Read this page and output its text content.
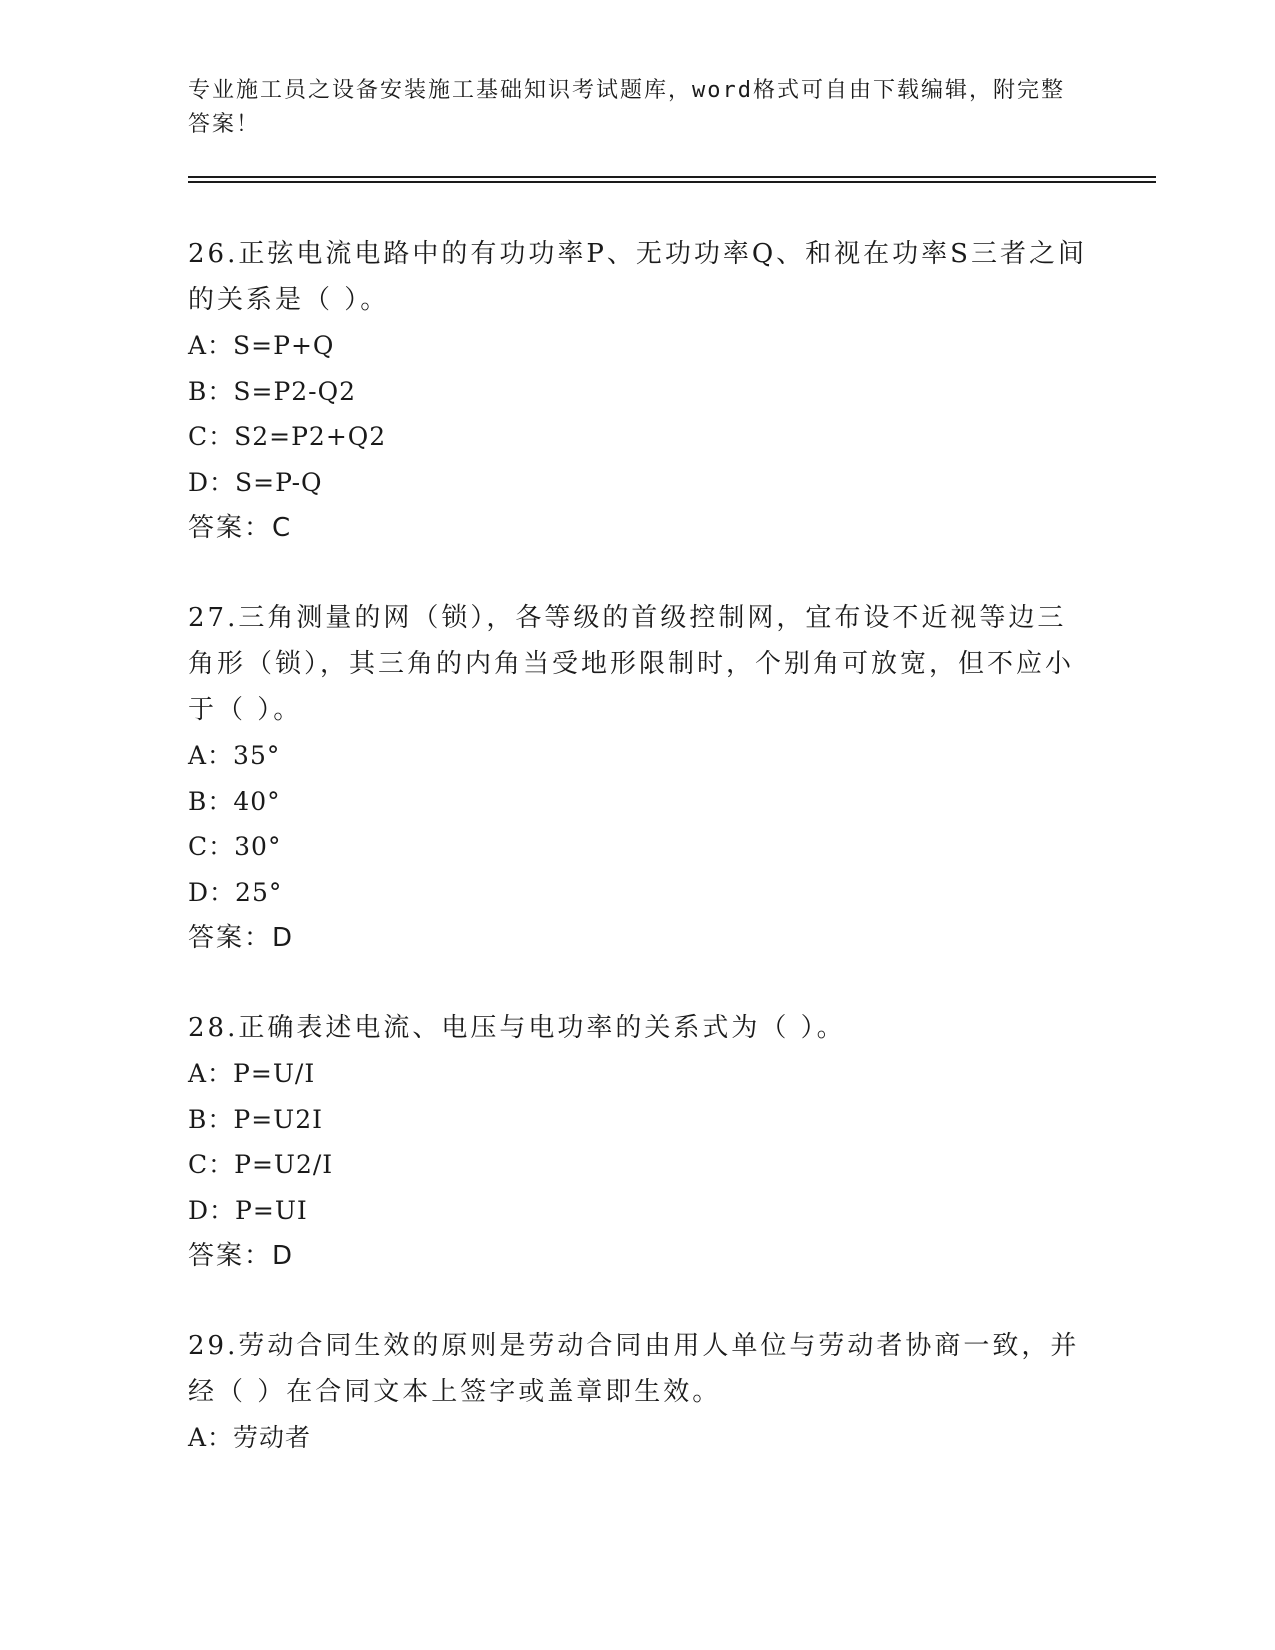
专业施工员之设备安装施工基础知识考试题库，word格式可自由下载编辑，附完整答案！

26.正弦电流电路中的有功功率P、无功功率Q、和视在功率S三者之间的关系是（ ）。

A：S=P+Q

B：S=P2-Q2

C：S2=P2+Q2

D：S=P-Q

答案：C

27.三角测量的网（锁），各等级的首级控制网，宜布设不近视等边三角形（锁），其三角的内角当受地形限制时，个别角可放宽，但不应小于（ ）。

A：35°

B：40°

C：30°

D：25°

答案：D

28.正确表述电流、电压与电功率的关系式为（ ）。

A：P=U/I

B：P=U2I

C：P=U2/I

D：P=UI

答案：D

29.劳动合同生效的原则是劳动合同由用人单位与劳动者协商一致，并经（ ）在合同文本上签字或盖章即生效。

A：劳动者
